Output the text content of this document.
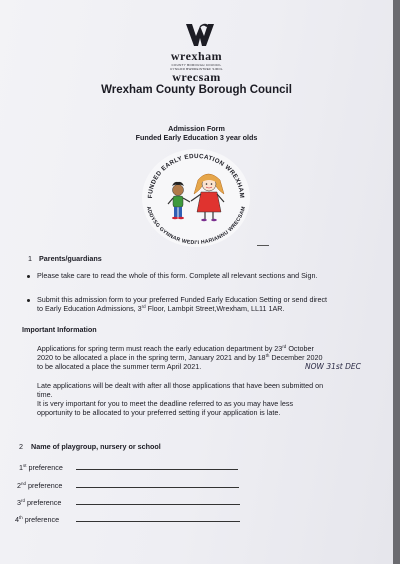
wrexham
COUNTY BOROUGH COUNCIL
CYNGOR BWRDEISTREF SIROL
wrecsam
Wrexham County Borough Council
Admission Form
Funded Early Education 3 year olds
FUNDED EARLY EDUCATION WREXHAM
ADDYSG GYNNAR WEDI'I HARIANNU WRECSAM
1 Parents/guardians
Please take care to read the whole of this form. Complete all relevant sections and Sign.
Submit this admission form to your preferred Funded Early Education Setting or send direct
to Early Education Admissions, 3rd Floor, Lambpit Street,Wrexham, LL11 1AR.
Important Information
Applications for spring term must reach the early education department by 23rd October
2020 to be allocated a place in the spring term, January 2021 and by 18th December 2020
to be allocated a place the summer term April 2021.	NOW 31st DEC
Late applications will be dealt with after all those applications that have been submitted on
time.
It is very important for you to meet the deadline referred to as you may have less
opportunity to be allocated to your preferred setting if your application is late.
2 Name of playgroup, nursery or school
1st preference
2nd preference
3rd preference
4th preference
